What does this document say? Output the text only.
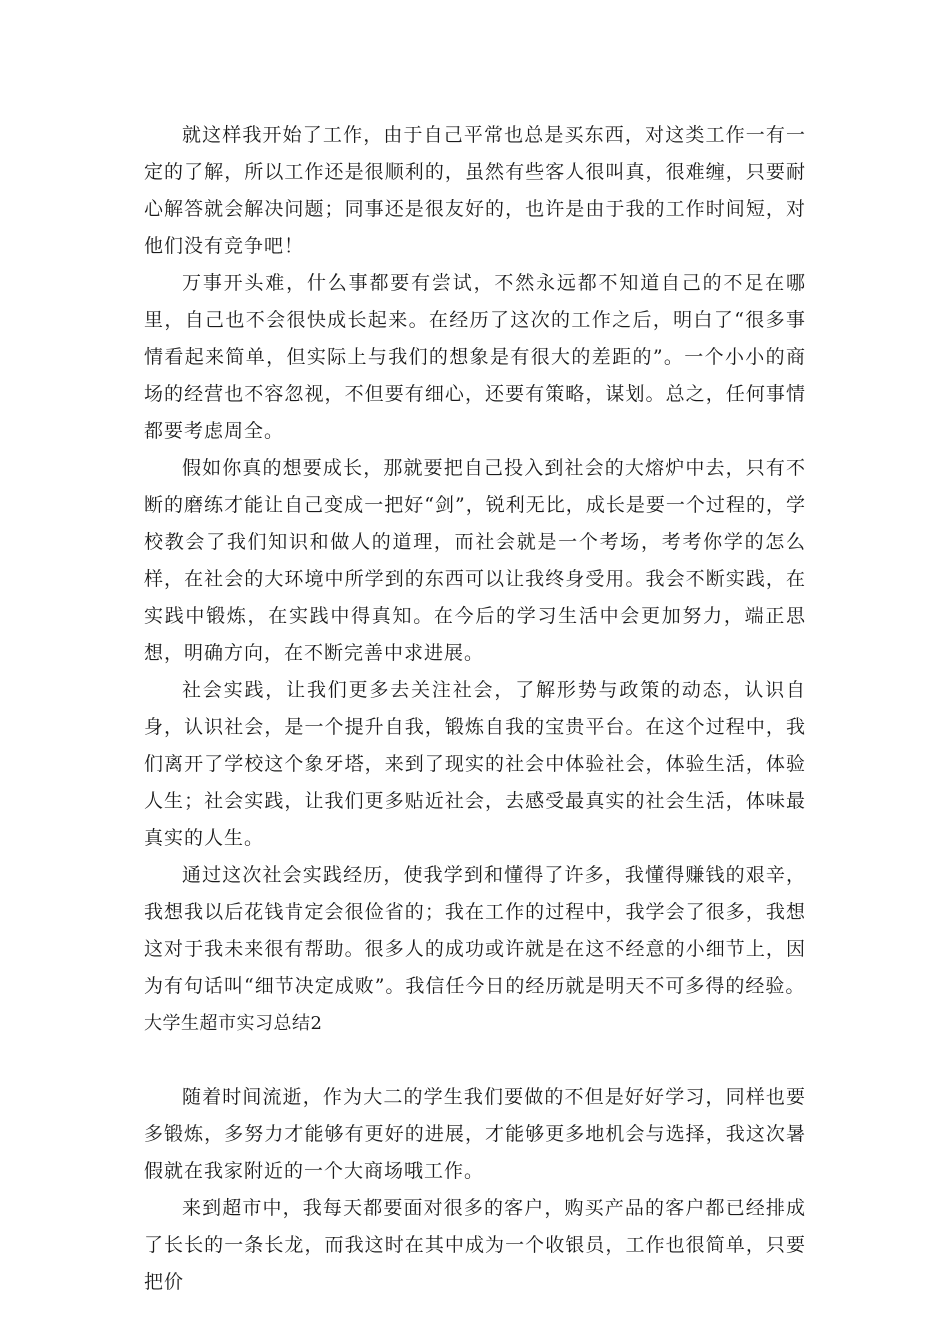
就这样我开始了工作，由于自己平常也总是买东西，对这类工作一有一定的了解，所以工作还是很顺利的，虽然有些客人很叫真，很难缠，只要耐心解答就会解决问题；同事还是很友好的，也许是由于我的工作时间短，对他们没有竞争吧！

万事开头难，什么事都要有尝试，不然永远都不知道自己的不足在哪里，自己也不会很快成长起来。在经历了这次的工作之后，明白了“很多事情看起来简单，但实际上与我们的想象是有很大的差距的”。一个小小的商场的经营也不容忽视，不但要有细心，还要有策略，谋划。总之，任何事情都要考虑周全。

假如你真的想要成长，那就要把自己投入到社会的大熔炉中去，只有不断的磨练才能让自己变成一把好“剑”，锐利无比，成长是要一个过程的，学校教会了我们知识和做人的道理，而社会就是一个考场，考考你学的怎么样，在社会的大环境中所学到的东西可以让我终身受用。我会不断实践，在实践中锻炼，在实践中得真知。在今后的学习生活中会更加努力，端正思想，明确方向，在不断完善中求进展。

社会实践，让我们更多去关注社会，了解形势与政策的动态，认识自身，认识社会，是一个提升自我，锻炼自我的宝贵平台。在这个过程中，我们离开了学校这个象牙塔，来到了现实的社会中体验社会，体验生活，体验人生；社会实践，让我们更多贴近社会，去感受最真实的社会生活，体味最真实的人生。

通过这次社会实践经历，使我学到和懂得了许多，我懂得赚钱的艰辛，我想我以后花钱肯定会很俭省的；我在工作的过程中，我学会了很多，我想这对于我未来很有帮助。很多人的成功或许就是在这不经意的小细节上，因为有句话叫“细节决定成败”。我信任今日的经历就是明天不可多得的经验。

大学生超市实习总结2

随着时间流逝，作为大二的学生我们要做的不但是好好学习，同样也要多锻炼，多努力才能够有更好的进展，才能够更多地机会与选择，我这次暑假就在我家附近的一个大商场哦工作。

来到超市中，我每天都要面对很多的客户，购买产品的客户都已经排成了长长的一条长龙，而我这时在其中成为一个收银员，工作也很简单，只要把价
